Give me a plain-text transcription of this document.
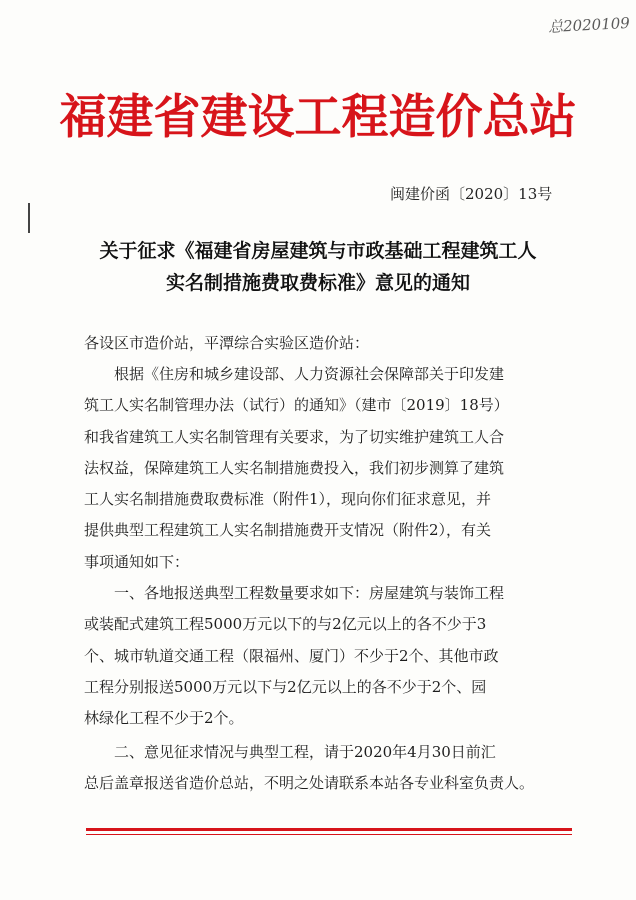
总2020109
福建省建设工程造价总站
闽建价函〔2020〕13号
关于征求《福建省房屋建筑与市政基础工程建筑工人
实名制措施费取费标准》意见的通知
各设区市造价站，平潭综合实验区造价站：
　　根据《住房和城乡建设部、人力资源社会保障部关于印发建
筑工人实名制管理办法（试行）的通知》（建市〔2019〕18号）
和我省建筑工人实名制管理有关要求，为了切实维护建筑工人合
法权益，保障建筑工人实名制措施费投入，我们初步测算了建筑
工人实名制措施费取费标准（附件1），现向你们征求意见，并
提供典型工程建筑工人实名制措施费开支情况（附件2），有关
事项通知如下：
　　一、各地报送典型工程数量要求如下：房屋建筑与装饰工程
或装配式建筑工程5000万元以下的与2亿元以上的各不少于3
个、城市轨道交通工程（限福州、厦门）不少于2个、其他市政
工程分别报送5000万元以下与2亿元以上的各不少于2个、园
林绿化工程不少于2个。
　　二、意见征求情况与典型工程，请于2020年4月30日前汇
总后盖章报送省造价总站，不明之处请联系本站各专业科室负责人。
